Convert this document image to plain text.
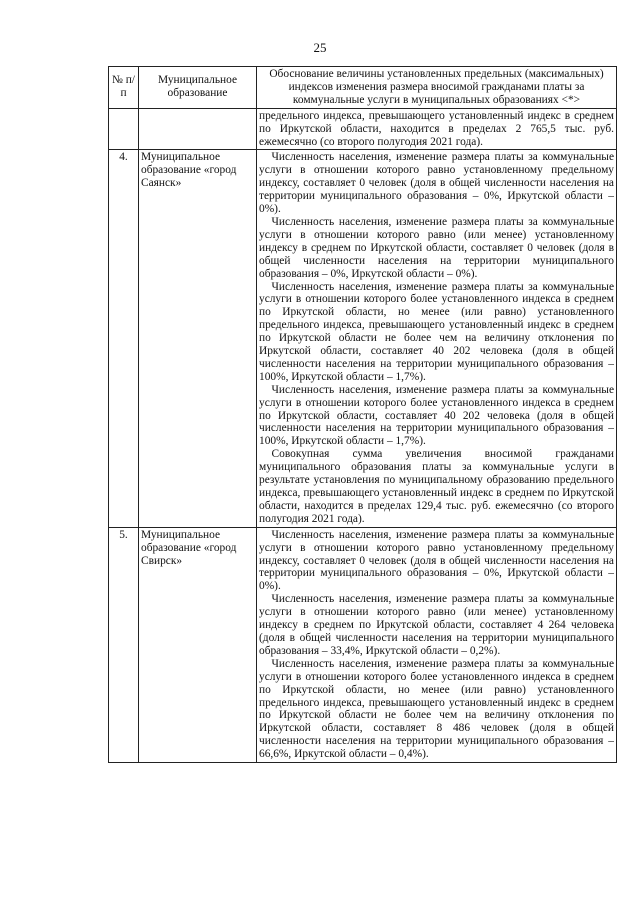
25
№ п/п	Муниципальное образование	Обоснование величины установленных предельных (максимальных) индексов изменения размера вносимой гражданами платы за коммунальные услуги в муниципальных образованиях <*>

		предельного индекса, превышающего установленный индекс в среднем по Иркутской области, находится в пределах 2 765,5 тыс. руб. ежемесячно (со второго полугодия 2021 года).

4.	Муниципальное образование «город Саянск»	Численность населения, изменение размера платы за коммунальные услуги в отношении которого равно установленному предельному индексу, составляет 0 человек (доля в общей численности населения на территории муниципального образования – 0%, Иркутской области – 0%).

Численность населения, изменение размера платы за коммунальные услуги в отношении которого равно (или менее) установленному индексу в среднем по Иркутской области, составляет 0 человек (доля в общей численности населения на территории муниципального образования – 0%, Иркутской области – 0%).

Численность населения, изменение размера платы за коммунальные услуги в отношении которого более установленного индекса в среднем по Иркутской области, но менее (или равно) установленного предельного индекса, превышающего установленный индекс в среднем по Иркутской области не более чем на величину отклонения по Иркутской области, составляет 40 202 человека (доля в общей численности населения на территории муниципального образования – 100%, Иркутской области – 1,7%).

Численность населения, изменение размера платы за коммунальные услуги в отношении которого более установленного индекса в среднем по Иркутской области, составляет 40 202 человека (доля в общей численности населения на территории муниципального образования – 100%, Иркутской области – 1,7%).

Совокупная сумма увеличения вносимой гражданами муниципального образования платы за коммунальные услуги в результате установления по муниципальному образованию предельного индекса, превышающего установленный индекс в среднем по Иркутской области, находится в пределах 129,4 тыс. руб. ежемесячно (со второго полугодия 2021 года).

5.	Муниципальное образование «город Свирск»	Численность населения, изменение размера платы за коммунальные услуги в отношении которого равно установленному предельному индексу, составляет 0 человек (доля в общей численности населения на территории муниципального образования – 0%, Иркутской области – 0%).

Численность населения, изменение размера платы за коммунальные услуги в отношении которого равно (или менее) установленному индексу в среднем по Иркутской области, составляет 4 264 человека (доля в общей численности населения на территории муниципального образования – 33,4%, Иркутской области – 0,2%).

Численность населения, изменение размера платы за коммунальные услуги в отношении которого более установленного индекса в среднем по Иркутской области, но менее (или равно) установленного предельного индекса, превышающего установленный индекс в среднем по Иркутской области не более чем на величину отклонения по Иркутской области, составляет 8 486 человек (доля в общей численности населения на территории муниципального образования – 66,6%, Иркутской области – 0,4%).
